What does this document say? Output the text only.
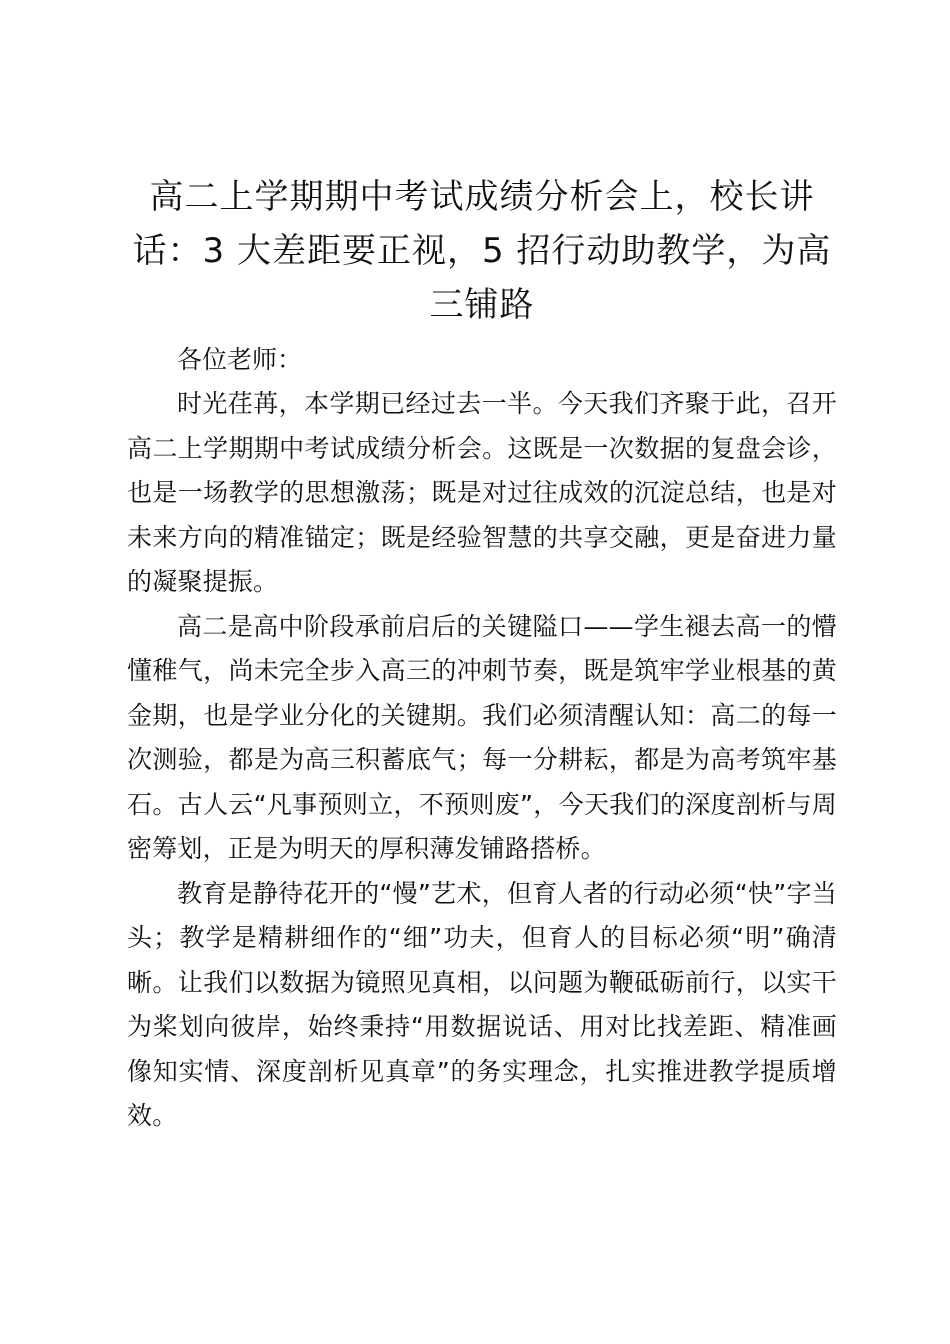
高二上学期期中考试成绩分析会上，校长讲话：3 大差距要正视，5 招行动助教学，为高三铺路

各位老师：

时光荏苒，本学期已经过去一半。今天我们齐聚于此，召开高二上学期期中考试成绩分析会。这既是一次数据的复盘会诊，也是一场教学的思想激荡；既是对过往成效的沉淀总结，也是对未来方向的精准锚定；既是经验智慧的共享交融，更是奋进力量的凝聚提振。

高二是高中阶段承前启后的关键隘口——学生褪去高一的懵懂稚气，尚未完全步入高三的冲刺节奏，既是筑牢学业根基的黄金期，也是学业分化的关键期。我们必须清醒认知：高二的每一次测验，都是为高三积蓄底气；每一分耕耘，都是为高考筑牢基石。古人云“凡事预则立，不预则废”，今天我们的深度剖析与周密筹划，正是为明天的厚积薄发铺路搭桥。

教育是静待花开的“慢”艺术，但育人者的行动必须“快”字当头；教学是精耕细作的“细”功夫，但育人的目标必须“明”确清晰。让我们以数据为镜照见真相，以问题为鞭砥砺前行，以实干为桨划向彼岸，始终秉持“用数据说话、用对比找差距、精准画像知实情、深度剖析见真章”的务实理念，扎实推进教学提质增效。
